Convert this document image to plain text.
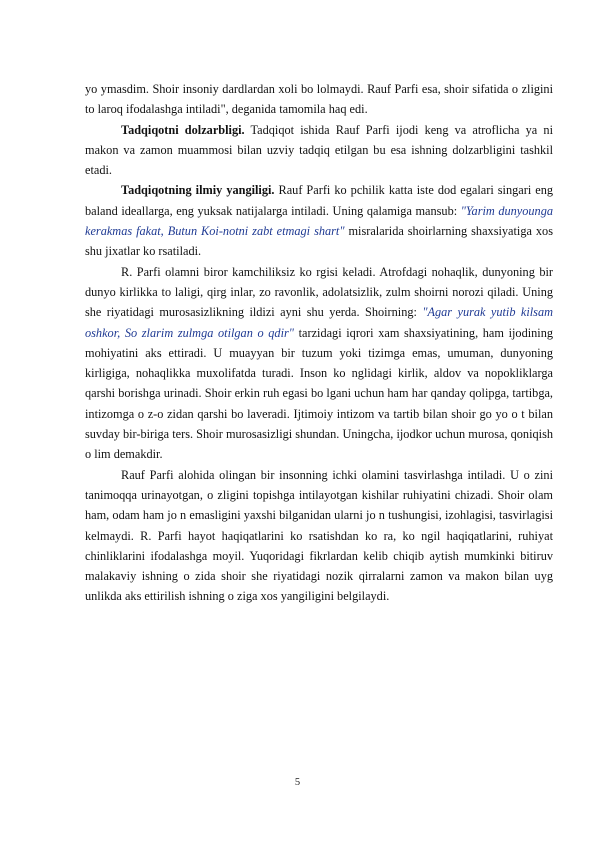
yo ymasdim. Shoir insoniy dardlardan xoli bo lolmaydi. Rauf Parfi esa, shoir sifatida o zligini to laroq ifodalashga intiladi", deganida tamomila haq edi.

Tadqiqotni dolzarbligi. Tadqiqot ishida Rauf Parfi ijodi keng va atroflicha ya ni makon va zamon muammosi bilan uzviy tadqiq etilgan bu esa ishning dolzarbligini tashkil etadi.

Tadqiqotning ilmiy yangiligi. Rauf Parfi ko pchilik katta iste dod egalari singari eng baland ideallarga, eng yuksak natijalarga intiladi. Uning qalamiga mansub: "Yarim dunyounga kerakmas fakat, Butun Koi-notni zabt etmagi shart" misralarida shoirlarning shaxsiyatiga xos shu jixatlar ko rsatiladi.

R. Parfi olamni biror kamchiliksiz ko rgisi keladi. Atrofdagi nohaqlik, dunyoning bir dunyo kirlikka to laligi, qirg inlar, zo ravonlik, adolatsizlik, zulm shoirni norozi qiladi. Uning she riyatidagi murosasizlikning ildizi ayni shu yerda. Shoirning: "Agar yurak yutib kilsam oshkor, So zlarim zulmga otilgan o qdir" tarzidagi iqrori xam shaxsiyatining, ham ijodining mohiyatini aks ettiradi. U muayyan bir tuzum yoki tizimga emas, umuman, dunyoning kirligiga, nohaqlikka muxolifatda turadi. Inson ko nglidagi kirlik, aldov va nopokliklarga qarshi borishga urinadi. Shoir erkin ruh egasi bo lgani uchun ham har qanday qolipga, tartibga, intizomga o z-o zidan qarshi bo laveradi. Ijtimoiy intizom va tartib bilan shoir go yo o t bilan suvday bir-biriga ters. Shoir murosasizligi shundan. Uningcha, ijodkor uchun murosa, qoniqish o lim demakdir.

Rauf Parfi alohida olingan bir insonning ichki olamini tasvirlashga intiladi. U o zini tanimoqqa urinayotgan, o zligini topishga intilayotgan kishilar ruhiyatini chizadi. Shoir olam ham, odam ham jo n emasligini yaxshi bilganidan ularni jo n tushungisi, izohlagisi, tasvirlagisi kelmaydi. R. Parfi hayot haqiqatlarini ko rsatishdan ko ra, ko ngil haqiqatlarini, ruhiyat chinliklarini ifodalashga moyil. Yuqoridagi fikrlardan kelib chiqib aytish mumkinki bitiruv malakaviy ishning o zida shoir she riyatidagi nozik qirralarni zamon va makon bilan uyg unlikda aks ettirilish ishning o ziga xos yangiligini belgilaydi.

5
